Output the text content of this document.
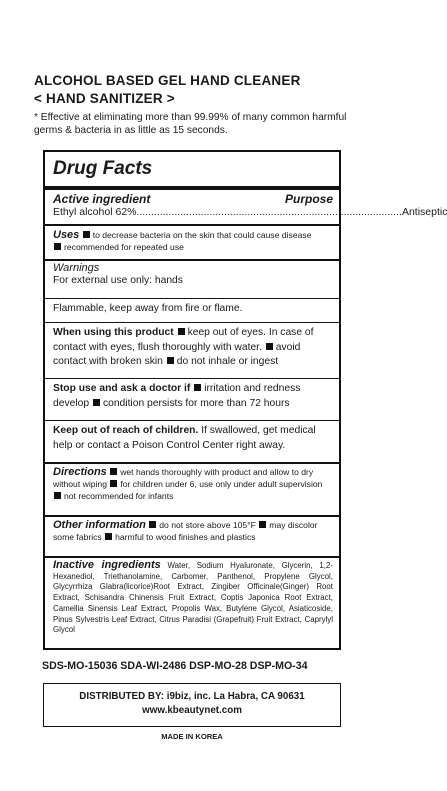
ALCOHOL BASED GEL HAND CLEANER
< HAND SANITIZER >
* Effective at eliminating more than 99.99% of many common harmful germs & bacteria in as little as 15 seconds.
Drug Facts
Active ingredient	Purpose
Ethyl alcohol 62% ........................................................................................... Antiseptic
Uses to decrease bacteria on the skin that could cause disease
recommended for repeated use
Warnings
For external use only: hands
Flammable, keep away from fire or flame.
When using this product keep out of eyes. In case of contact with eyes, flush thoroughly with water. avoid contact with broken skin do not inhale or ingest
Stop use and ask a doctor if irritation and redness develop condition persists for more than 72 hours
Keep out of reach of children. If swallowed, get medical help or contact a Poison Control Center right away.
Directions wet hands thoroughly with product and allow to dry without wiping for children under 6, use only under adult supervision not recommended for infants
Other information do not store above 105°F may discolor some fabrics harmful to wood finishes and plastics
Inactive ingredients Water, Sodium Hyaluronate, Glycerin, 1,2-Hexanediol, Triethanolamine, Carbomer, Panthenol, Propylene Glycol, Glycyrrhiza Glabra(licorice)Root Extract, Zingiber Officinale(Ginger) Root Extract, Schisandra Chinensis Fruit Extract, Coptis Japonica Root Extract, Camellia Sinensis Leaf Extract, Propolis Wax, Butylene Glycol, Asiaticoside, Pinus Sylvestris Leaf Extract, Citrus Paradisi (Grapefruit) Fruit Extract, Caprylyl Glycol
SDS-MO-15036 SDA-WI-2486 DSP-MO-28 DSP-MO-34
DISTRIBUTED BY: i9biz, inc. La Habra, CA 90631
www.kbeautynet.com
MADE IN KOREA
